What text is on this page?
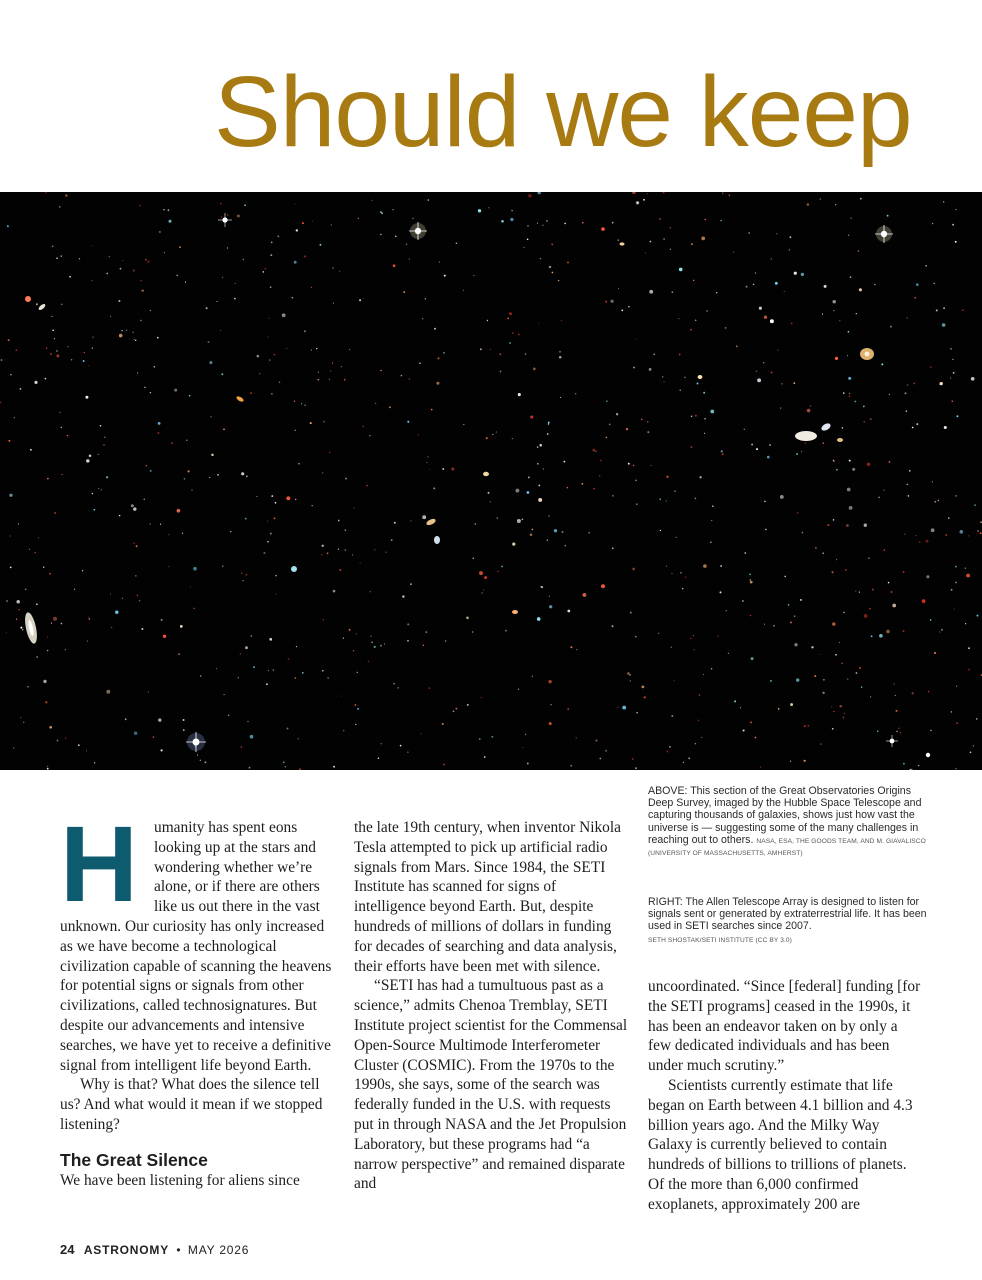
Should we keep
ABOVE: This section of the Great Observatories Origins Deep Survey, imaged by the Hubble Space Telescope and capturing thousands of galaxies, shows just how vast the universe is — suggesting some of the many challenges in reaching out to others. NASA, ESA, THE GOODS TEAM, AND M. GIAVALISCO (UNIVERSITY OF MASSACHUSETTS, AMHERST)
RIGHT: The Allen Telescope Array is designed to listen for signals sent or generated by extraterrestrial life. It has been used in SETI searches since 2007.
SETH SHOSTAK/SETI INSTITUTE (CC BY 3.0)

H umanity has spent eons looking up at the stars and wondering whether we’re alone, or if there are others like us out there in the vast unknown. Our curiosity has only increased as we have become a technological civilization capable of scanning the heavens for potential signs or signals from other civilizations, called technosignatures. But despite our advancements and intensive searches, we have yet to receive a definitive signal from intelligent life beyond Earth.

Why is that? What does the silence tell us? And what would it mean if we stopped listening?

The Great Silence

We have been listening for aliens since

the late 19th century, when inventor Nikola Tesla attempted to pick up artificial radio signals from Mars. Since 1984, the SETI Institute has scanned for signs of intelligence beyond Earth. But, despite hundreds of millions of dollars in funding for decades of searching and data analysis, their efforts have been met with silence.

“SETI has had a tumultuous past as a science,” admits Chenoa Tremblay, SETI Institute project scientist for the Commensal Open-Source Multimode Interferometer Cluster (COSMIC). From the 1970s to the 1990s, she says, some of the search was federally funded in the U.S. with requests put in through NASA and the Jet Propulsion Laboratory, but these programs had “a narrow perspective” and remained disparate and

uncoordinated. “Since [federal] funding [for the SETI programs] ceased in the 1990s, it has been an endeavor taken on by only a few dedicated individuals and has been under much scrutiny.”

Scientists currently estimate that life began on Earth between 4.1 billion and 4.3 billion years ago. And the Milky Way Galaxy is currently believed to contain hundreds of billions to trillions of planets. Of the more than 6,000 confirmed exoplanets, approximately 200 are

24 ASTRONOMY • MAY 2026
